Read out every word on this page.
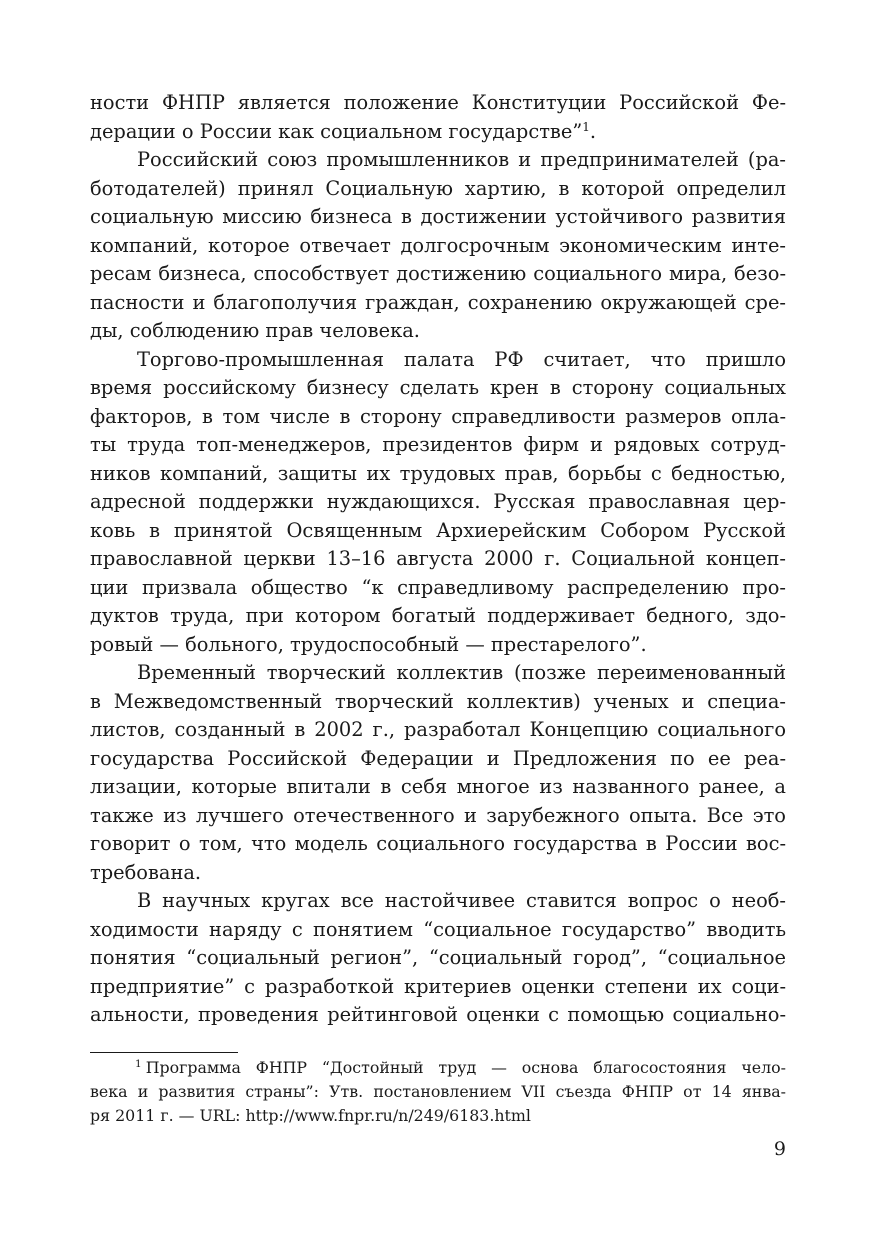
ности ФНПР является положение Конституции Российской Фе-
дерации о России как социальном государстве”$^1$.
Российский союз промышленников и предпринимателей (ра-
ботодателей) принял Социальную хартию, в которой определил
социальную миссию бизнеса в достижении устойчивого развития
компаний, которое отвечает долгосрочным экономическим инте-
ресам бизнеса, способствует достижению социального мира, безо-
пасности и благополучия граждан, сохранению окружающей сре-
ды, соблюдению прав человека.
Торгово-промышленная палата РФ считает, что пришло
время российскому бизнесу сделать крен в сторону социальных
факторов, в том числе в сторону справедливости размеров опла-
ты труда топ-менеджеров, президентов фирм и рядовых сотруд-
ников компаний, защиты их трудовых прав, борьбы с бедностью,
адресной поддержки нуждающихся. Русская православная цер-
ковь в принятой Освященным Архиерейским Собором Русской
православной церкви 13–16 августа 2000 г. Социальной концеп-
ции призвала общество “к справедливому распределению про-
дуктов труда, при котором богатый поддерживает бедного, здо-
ровый — больного, трудоспособный — престарелого”.
Временный творческий коллектив (позже переименованный
в Межведомственный творческий коллектив) ученых и специа-
листов, созданный в 2002 г., разработал Концепцию социального
государства Российской Федерации и Предложения по ее реа-
лизации, которые впитали в себя многое из названного ранее, а
также из лучшего отечественного и зарубежного опыта. Все это
говорит о том, что модель социального государства в России вос-
требована.
В научных кругах все настойчивее ставится вопрос о необ-
ходимости наряду с понятием “социальное государство” вводить
понятия “социальный регион”, “социальный город”, “социальное
предприятие” с разработкой критериев оценки степени их соци-
альности, проведения рейтинговой оценки с помощью социально-
$^1$ Программа ФНПР “Достойный труд — основа благосостояния чело-
века и развития страны”: Утв. постановлением VII съезда ФНПР от 14 янва-
ря 2011 г. — URL: http://www.fnpr.ru/n/249/6183.html
9
